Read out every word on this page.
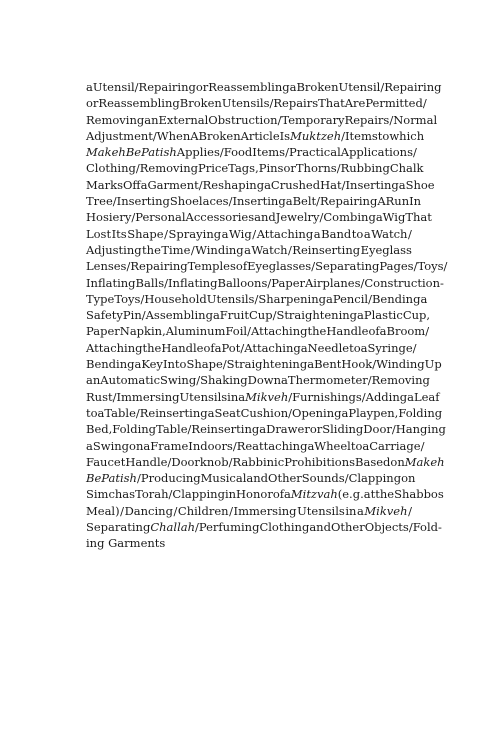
a Utensil / Repairing or Reassembling a Broken Utensil / Repairing
or Reassembling Broken Utensils / Repairs That Are Permitted /
Removing an External Obstruction / Temporary Repairs / Normal
Adjustment / When A Broken Article Is Muktzeh / Items to which
Makeh BePatish Applies / Food Items / Practical Applications /
Clothing / Removing Price Tags, Pins or Thorns / Rubbing Chalk
Marks Off a Garment / Reshaping a Crushed Hat / Inserting a Shoe
Tree / Inserting Shoelaces / Inserting a Belt / Repairing A Run In
Hosiery / Personal Accessories and Jewelry / Combing a Wig That
Lost Its Shape / Spraying a Wig / Attaching a Band to a Watch /
Adjusting the Time / Winding a Watch / Reinserting Eyeglass
Lenses / Repairing Temples of Eyeglasses / Separating Pages / Toys /
Inflating Balls / Inflating Balloons / Paper Airplanes / Construction-
Type Toys / Household Utensils / Sharpening a Pencil / Bending a
Safety Pin / Assembling a Fruit Cup / Straightening a Plastic Cup,
Paper Napkin, Aluminum Foil / Attaching the Handle of a Broom /
Attaching the Handle of a Pot / Attaching a Needle to a Syringe /
Bending a Key Into Shape / Straightening a Bent Hook / Winding Up
an Automatic Swing / Shaking Down a Thermometer / Removing
Rust / Immersing Utensils in a Mikveh / Furnishings / Adding a Leaf
to a Table / Reinserting a Seat Cushion / Opening a Playpen, Folding
Bed, Folding Table / Reinserting a Drawer or Sliding Door / Hanging
a Swing on a Frame Indoors / Reattaching a Wheel to a Carriage /
Faucet Handle / Doorknob / Rabbinic Prohibitions Based on Makeh
BePatish / Producing Musical and Other Sounds / Clapping on
Simchas Torah / Clapping in Honor of a Mitzvah (e.g. at the Shabbos
Meal) / Dancing / Children / Immersing Utensils in a Mikveh /
Separating Challah / Perfuming Clothing and Other Objects / Fold-
ing Garments
